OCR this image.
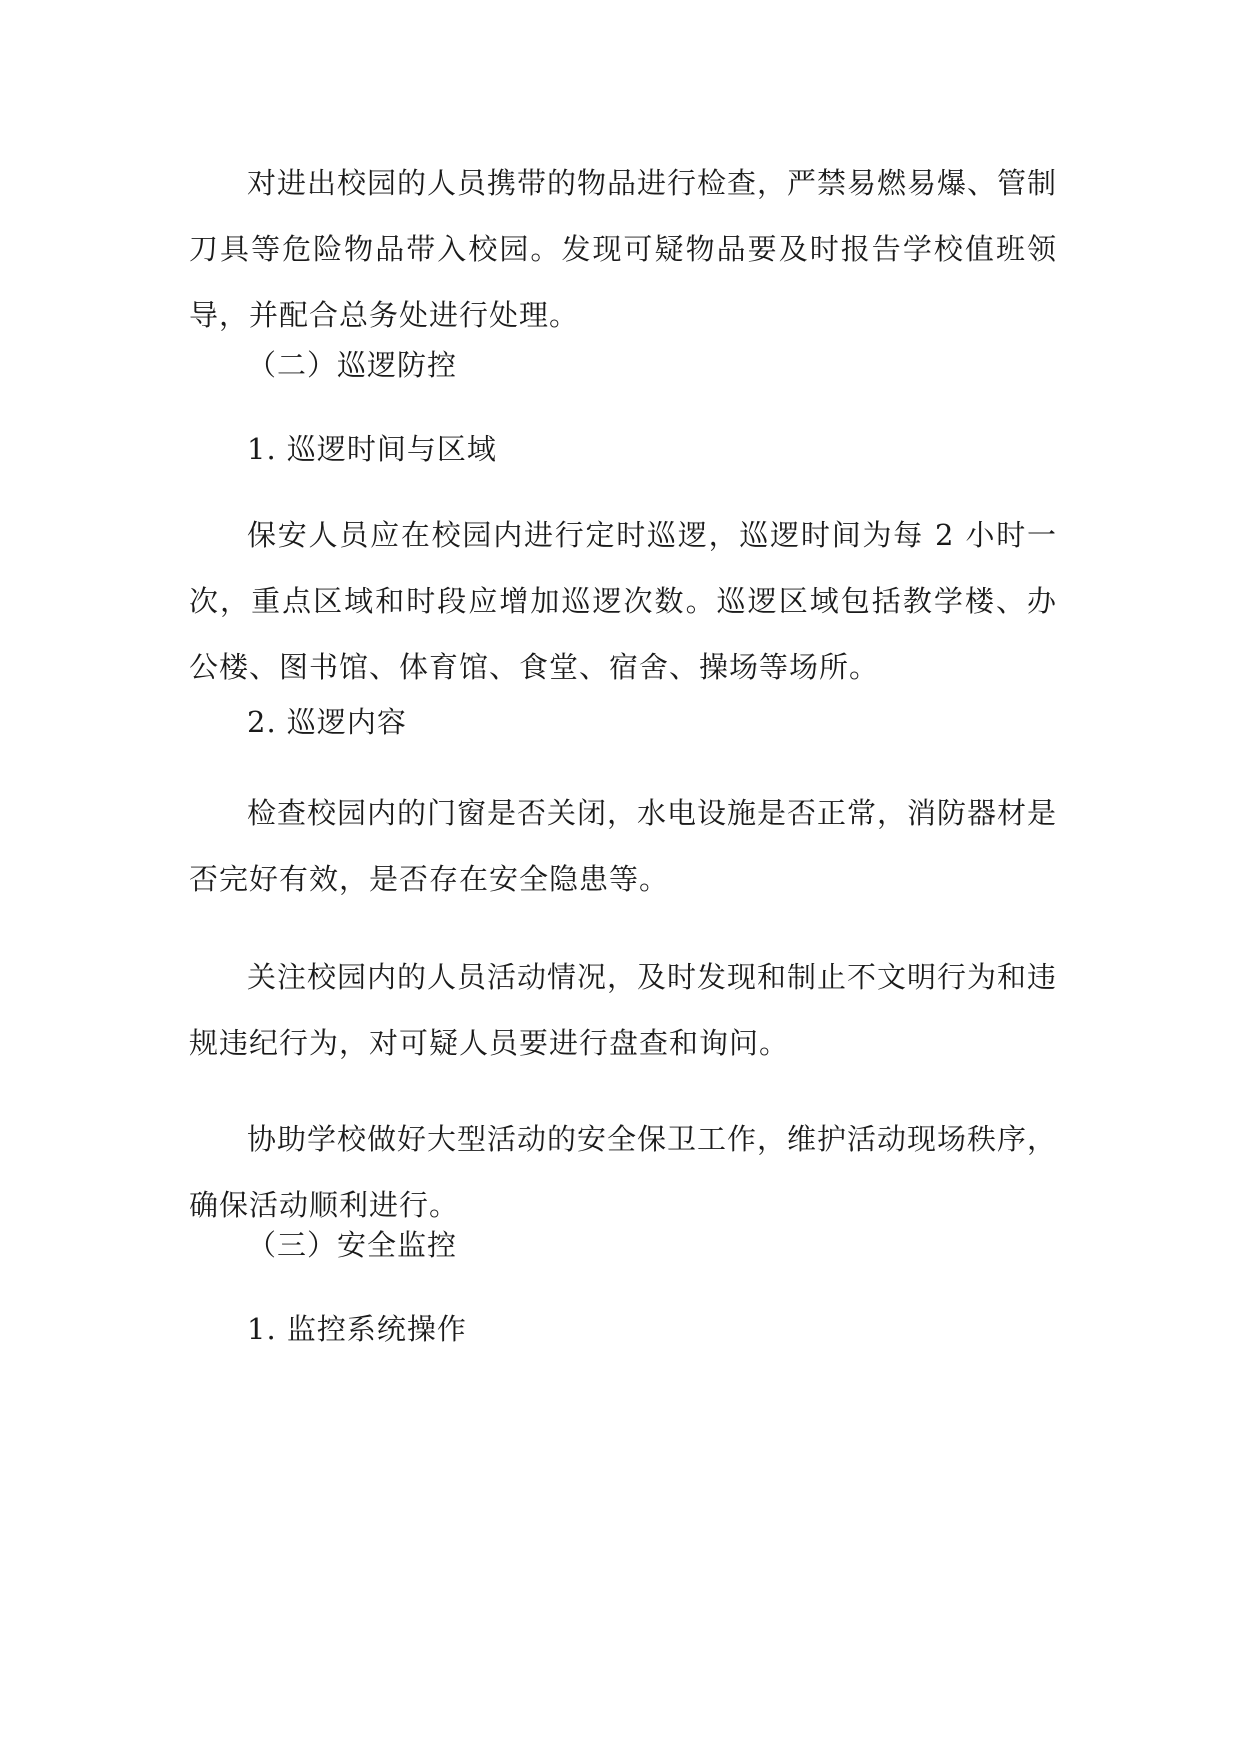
对进出校园的人员携带的物品进行检查，严禁易燃易爆、管制刀具等危险物品带入校园。发现可疑物品要及时报告学校值班领导，并配合总务处进行处理。

（二）巡逻防控

1. 巡逻时间与区域

保安人员应在校园内进行定时巡逻，巡逻时间为每 2 小时一次，重点区域和时段应增加巡逻次数。巡逻区域包括教学楼、办公楼、图书馆、体育馆、食堂、宿舍、操场等场所。

2. 巡逻内容

检查校园内的门窗是否关闭，水电设施是否正常，消防器材是否完好有效，是否存在安全隐患等。

关注校园内的人员活动情况，及时发现和制止不文明行为和违规违纪行为，对可疑人员要进行盘查和询问。

协助学校做好大型活动的安全保卫工作，维护活动现场秩序，确保活动顺利进行。

（三）安全监控

1. 监控系统操作
